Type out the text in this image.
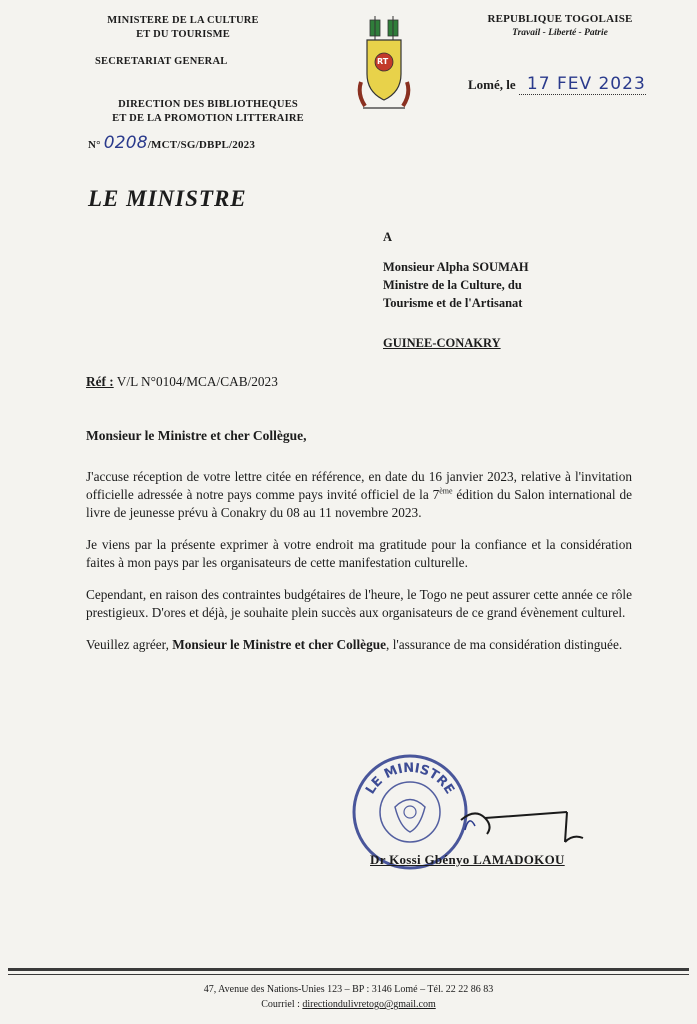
MINISTERE DE LA CULTURE
ET DU TOURISME
SECRETARIAT GENERAL
DIRECTION DES BIBLIOTHEQUES
ET DE LA PROMOTION LITTERAIRE
N° 0208/MCT/SG/DBPL/2023
RT
REPUBLIQUE TOGOLAISE
Travail - Liberté - Patrie
Lomé, le 17 FEV 2023
LE MINISTRE
A
Monsieur Alpha SOUMAH
Ministre de la Culture, du
Tourisme et de l'Artisanat
GUINEE-CONAKRY
Réf : V/L N°0104/MCA/CAB/2023
Monsieur le Ministre et cher Collègue,

J'accuse réception de votre lettre citée en référence, en date du 16 janvier 2023, relative à l'invitation officielle adressée à notre pays comme pays invité officiel de la 7ème édition du Salon international de livre de jeunesse prévu à Conakry du 08 au 11 novembre 2023.

Je viens par la présente exprimer à votre endroit ma gratitude pour la confiance et la considération faites à mon pays par les organisateurs de cette manifestation culturelle.

Cependant, en raison des contraintes budgétaires de l'heure, le Togo ne peut assurer cette année ce rôle prestigieux. D'ores et déjà, je souhaite plein succès aux organisateurs de ce grand évènement culturel.

Veuillez agréer, Monsieur le Ministre et cher Collègue, l'assurance de ma considération distinguée.

LE MINISTRE
Dr Kossi Gbényo LAMADOKOU
47, Avenue des Nations-Unies 123 – BP : 3146 Lomé – Tél. 22 22 86 83
Courriel : directiondulivretogo@gmail.com
